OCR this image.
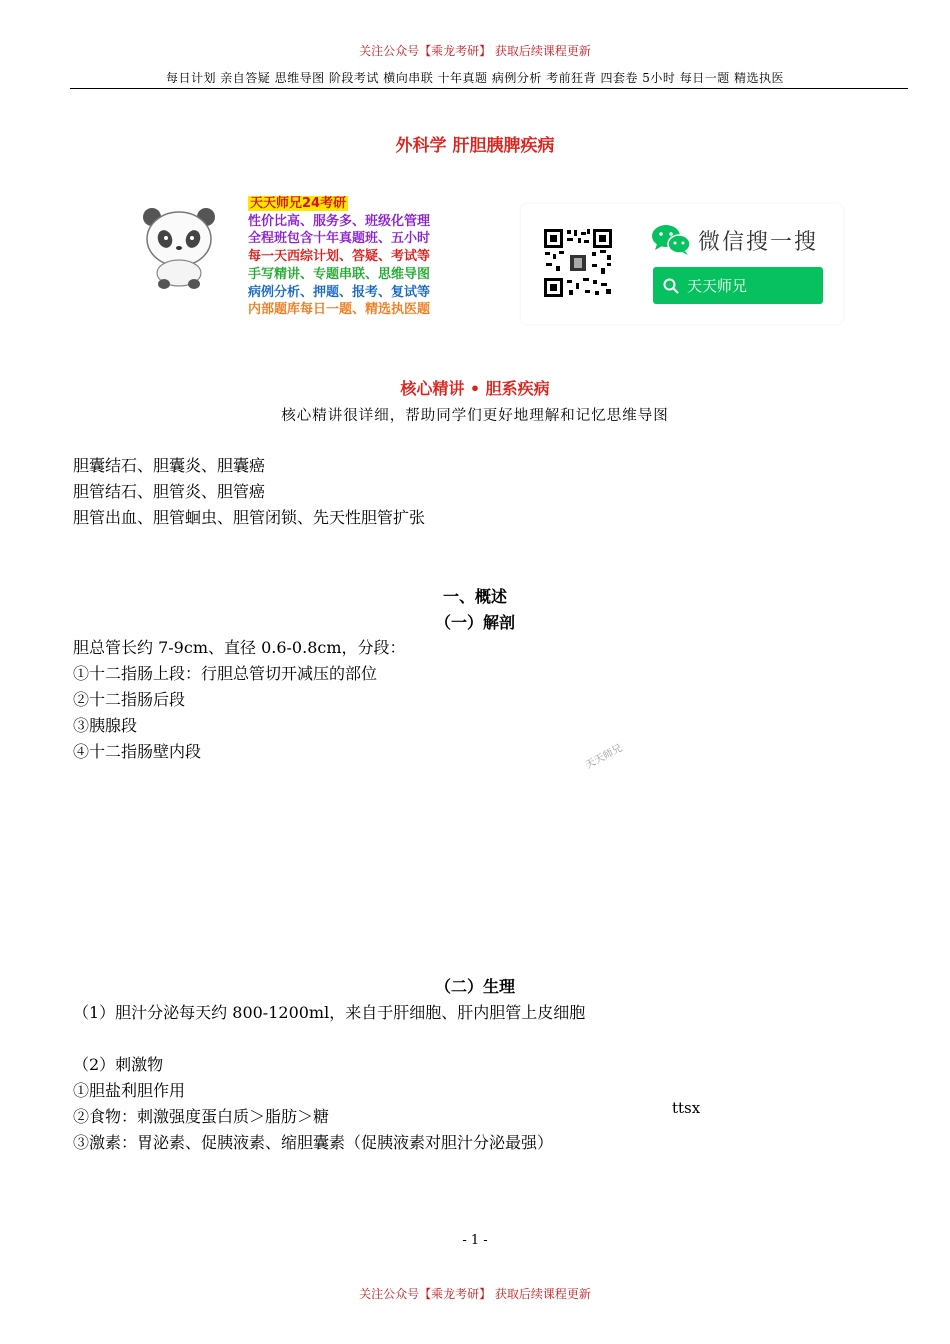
关注公众号【乘龙考研】 获取后续课程更新
每日计划 亲自答疑 思维导图 阶段考试 横向串联 十年真题 病例分析 考前狂背 四套卷 5小时 每日一题 精选执医
外科学 肝胆胰脾疾病
天天师兄24考研
性价比高、服务多、班级化管理
全程班包含十年真题班、五小时
每一天西综计划、答疑、考试等
手写精讲、专题串联、思维导图
病例分析、押题、报考、复试等
内部题库每日一题、精选执医题
微信搜一搜
天天师兄
核心精讲 • 胆系疾病
核心精讲很详细，帮助同学们更好地理解和记忆思维导图
胆囊结石、胆囊炎、胆囊癌
胆管结石、胆管炎、胆管癌
胆管出血、胆管蛔虫、胆管闭锁、先天性胆管扩张
一、概述
（一）解剖
胆总管长约 7-9cm、直径 0.6-0.8cm，分段：
①十二指肠上段：行胆总管切开减压的部位
②十二指肠后段
③胰腺段
④十二指肠壁内段	天天师兄
（二）生理
（1）胆汁分泌每天约 800-1200ml，来自于肝细胞、肝内胆管上皮细胞
（2）刺激物
①胆盐利胆作用
②食物：刺激强度蛋白质＞脂肪＞糖
③激素：胃泌素、促胰液素、缩胆囊素（促胰液素对胆汁分泌最强）
ttsx
- 1 -
关注公众号【乘龙考研】 获取后续课程更新
